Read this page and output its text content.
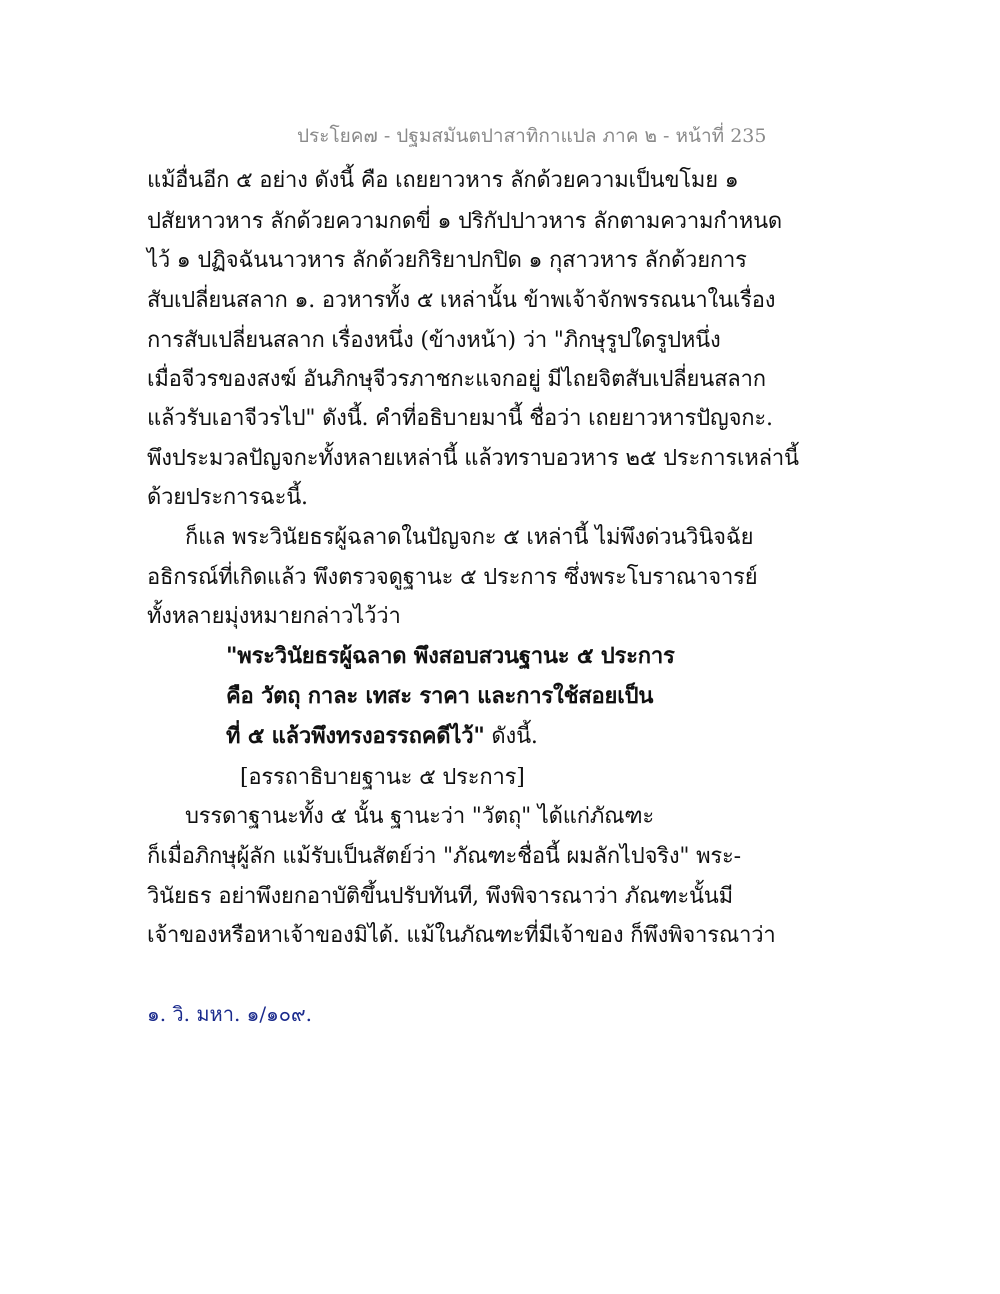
ประโยค๗ - ปฐมสมันตปาสาทิกาแปล ภาค ๒ - หน้าที่ 235
แม้อื่นอีก ๕ อย่าง ดังนี้ คือ เถยยาวหาร ลักด้วยความเป็นขโมย ๑
ปสัยหาวหาร ลักด้วยความกดขี่ ๑ ปริกัปปาวหาร ลักตามความกำหนด
ไว้ ๑ ปฏิจฉันนาวหาร ลักด้วยกิริยาปกปิด ๑ กุสาวหาร ลักด้วยการ
สับเปลี่ยนสลาก ๑. อวหารทั้ง ๕ เหล่านั้น ข้าพเจ้าจักพรรณนาในเรื่อง
การสับเปลี่ยนสลาก เรื่องหนึ่ง (ข้างหน้า) ว่า "ภิกษุรูปใดรูปหนึ่ง
เมื่อจีวรของสงฆ์ อันภิกษุจีวรภาชกะแจกอยู่ มีไถยจิตสับเปลี่ยนสลาก
แล้วรับเอาจีวรไป" ดังนี้. คำที่อธิบายมานี้ ชื่อว่า เถยยาวหารปัญจกะ.
พึงประมวลปัญจกะทั้งหลายเหล่านี้ แล้วทราบอวหาร ๒๕ ประการเหล่านี้
ด้วยประการฉะนี้.
ก็แล พระวินัยธรผู้ฉลาดในปัญจกะ ๕ เหล่านี้ ไม่พึงด่วนวินิจฉัย
อธิกรณ์ที่เกิดแล้ว พึงตรวจดูฐานะ ๕ ประการ ซึ่งพระโบราณาจารย์
ทั้งหลายมุ่งหมายกล่าวไว้ว่า
"พระวินัยธรผู้ฉลาด พึงสอบสวนฐานะ ๕ ประการ
คือ วัตถุ กาละ เทสะ ราคา และการใช้สอยเป็น
ที่ ๕ แล้วพึงทรงอรรถคดีไว้" ดังนี้.
[อรรถาธิบายฐานะ ๕ ประการ]
บรรดาฐานะทั้ง ๕ นั้น ฐานะว่า "วัตถุ" ได้แก่ภัณฑะ
ก็เมื่อภิกษุผู้ลัก แม้รับเป็นสัตย์ว่า "ภัณฑะชื่อนี้ ผมลักไปจริง" พระ-
วินัยธร อย่าพึงยกอาบัติขึ้นปรับทันที, พึงพิจารณาว่า ภัณฑะนั้นมี
เจ้าของหรือหาเจ้าของมิได้. แม้ในภัณฑะที่มีเจ้าของ ก็พึงพิจารณาว่า
๑. วิ. มหา. ๑/๑๐๙.
